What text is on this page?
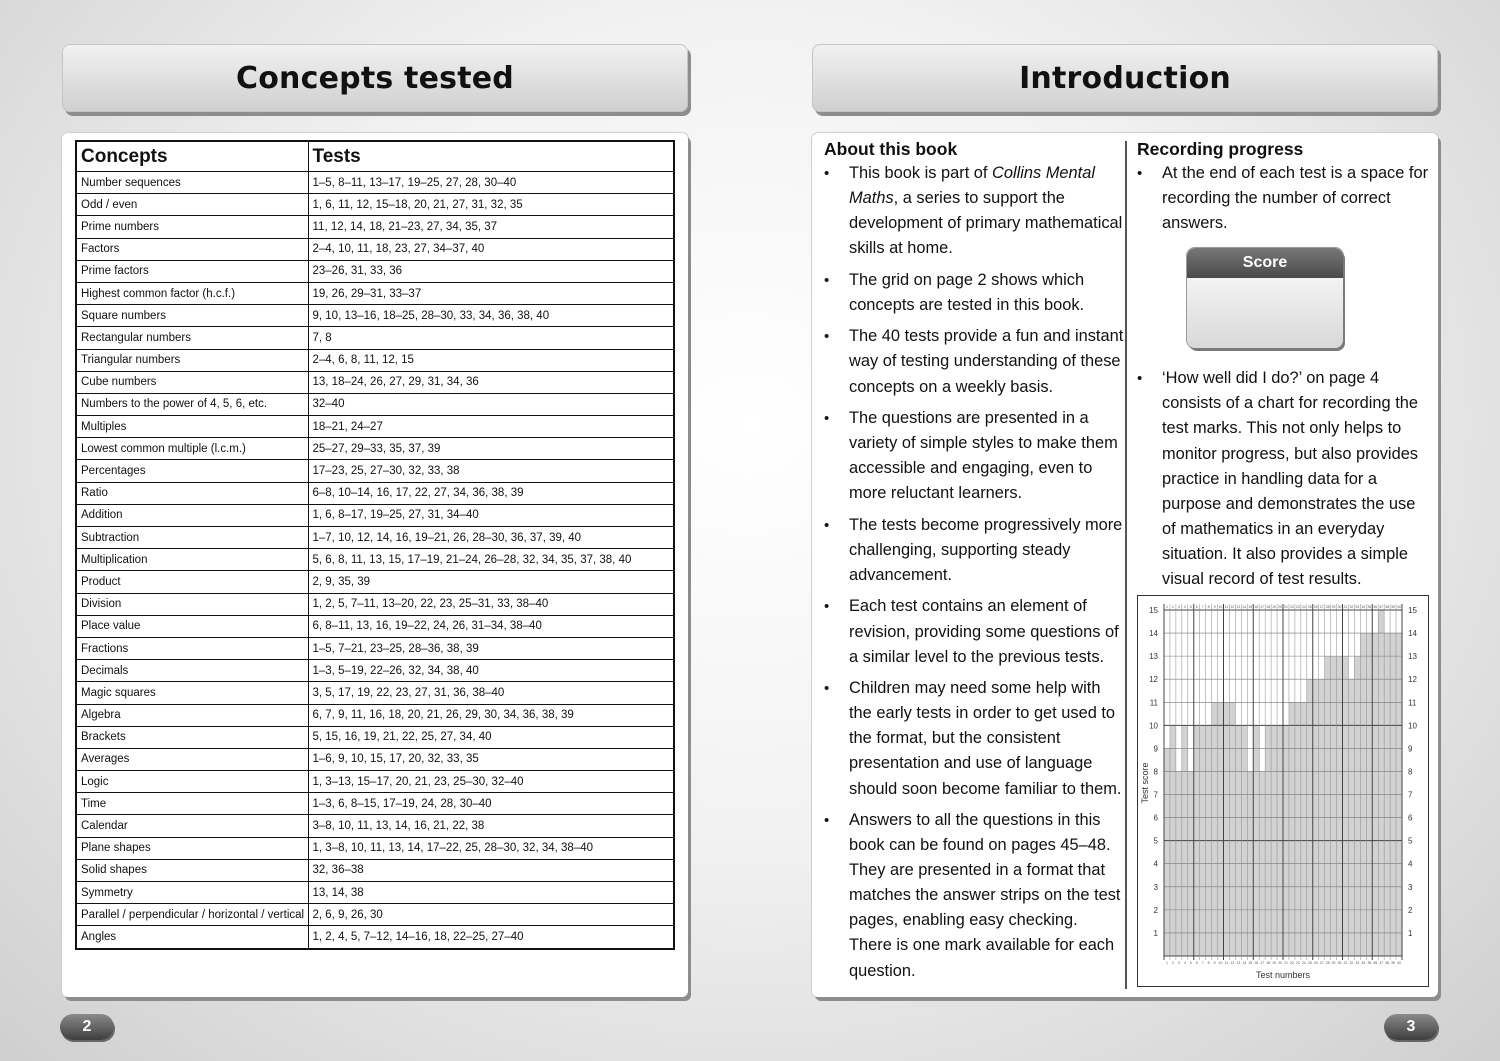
Concepts tested
Concepts	Tests
Number sequences	1–5, 8–11, 13–17, 19–25, 27, 28, 30–40
Odd / even	1, 6, 11, 12, 15–18, 20, 21, 27, 31, 32, 35
Prime numbers	11, 12, 14, 18, 21–23, 27, 34, 35, 37
Factors	2–4, 10, 11, 18, 23, 27, 34–37, 40
Prime factors	23–26, 31, 33, 36
Highest common factor (h.c.f.)	19, 26, 29–31, 33–37
Square numbers	9, 10, 13–16, 18–25, 28–30, 33, 34, 36, 38, 40
Rectangular numbers	7, 8
Triangular numbers	2–4, 6, 8, 11, 12, 15
Cube numbers	13, 18–24, 26, 27, 29, 31, 34, 36
Numbers to the power of 4, 5, 6, etc.	32–40
Multiples	18–21, 24–27
Lowest common multiple (l.c.m.)	25–27, 29–33, 35, 37, 39
Percentages	17–23, 25, 27–30, 32, 33, 38
Ratio	6–8, 10–14, 16, 17, 22, 27, 34, 36, 38, 39
Addition	1, 6, 8–17, 19–25, 27, 31, 34–40
Subtraction	1–7, 10, 12, 14, 16, 19–21, 26, 28–30, 36, 37, 39, 40
Multiplication	5, 6, 8, 11, 13, 15, 17–19, 21–24, 26–28, 32, 34, 35, 37, 38, 40
Product	2, 9, 35, 39
Division	1, 2, 5, 7–11, 13–20, 22, 23, 25–31, 33, 38–40
Place value	6, 8–11, 13, 16, 19–22, 24, 26, 31–34, 38–40
Fractions	1–5, 7–21, 23–25, 28–36, 38, 39
Decimals	1–3, 5–19, 22–26, 32, 34, 38, 40
Magic squares	3, 5, 17, 19, 22, 23, 27, 31, 36, 38–40
Algebra	6, 7, 9, 11, 16, 18, 20, 21, 26, 29, 30, 34, 36, 38, 39
Brackets	5, 15, 16, 19, 21, 22, 25, 27, 34, 40
Averages	1–6, 9, 10, 15, 17, 20, 32, 33, 35
Logic	1, 3–13, 15–17, 20, 21, 23, 25–30, 32–40
Time	1–3, 6, 8–15, 17–19, 24, 28, 30–40
Calendar	3–8, 10, 11, 13, 14, 16, 21, 22, 38
Plane shapes	1, 3–8, 10, 11, 13, 14, 17–22, 25, 28–30, 32, 34, 38–40
Solid shapes	32, 36–38
Symmetry	13, 14, 38
Parallel / perpendicular / horizontal / vertical	2, 6, 9, 26, 30
Angles	1, 2, 4, 5, 7–12, 14–16, 18, 22–25, 27–40
2
Introduction
About this book
• This book is part of Collins Mental Maths, a series to support the development of primary mathematical skills at home.
• The grid on page 2 shows which concepts are tested in this book.
• The 40 tests provide a fun and instant way of testing understanding of these concepts on a weekly basis.
• The questions are presented in a variety of simple styles to make them accessible and engaging, even to more reluctant learners.
• The tests become progressively more challenging, supporting steady advancement.
• Each test contains an element of revision, providing some questions of a similar level to the previous tests.
• Children may need some help with the early tests in order to get used to the format, but the consistent presentation and use of language should soon become familiar to them.
• Answers to all the questions in this book can be found on pages 45–48. They are presented in a format that matches the answer strips on the test pages, enabling easy checking. There is one mark available for each question.
Recording progress
• At the end of each test is a space for recording the number of correct answers.
Score
• ‘How well did I do?’ on page 4 consists of a chart for recording the test marks. This not only helps to monitor progress, but also provides practice in handling data for a purpose and demonstrates the use of mathematics in an everyday situation. It also provides a simple visual record of test results.
1	1
2	2
3	3
4	4
5	5
6	6
7	7
8	8
9	9
10	10
11	11
12	12
13	13
14	14
15	15
1
1
2
2
3
3
4
4
5
5
6
6
7
7
8
8
9
9
10
10
11
11
12
12
13
13
14
14
15
15
16
16
17
17
18
18
19
19
20
20
21
21
22
22
23
23
24
24
25
25
26
26
27
27
28
28
29
29
30
30
31
31
32
32
33
33
34
34
35
35
36
36
37
37
38
38
39
39
40
40
Test numbers
Test score
3
